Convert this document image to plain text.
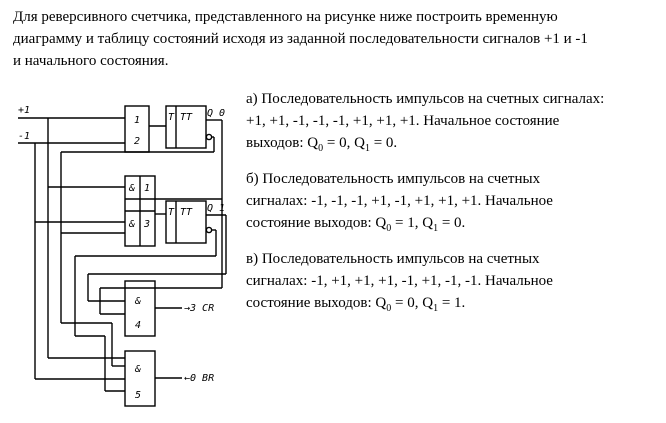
Для реверсивного счетчика, представленного на рисунке ниже построить временную
диаграмму и таблицу состояний исходя из заданной последовательности сигналов +1 и -1
и начального состояния.
+1
-1
1
2
T TT Q 0
& 1
& 3
T TT Q 1
&
4
→3 CR
&
5
←0 BR
а) Последовательность импульсов на счетных сигналах:
+1, +1, -1, -1, -1, +1, +1, +1. Начальное состояние
выходов: $Q_0 = 0$, $Q_1 = 0$.
б) Последовательность импульсов на счетных
сигналах: -1, -1, -1, +1, -1, +1, +1, +1. Начальное
состояние выходов: $Q_0 = 1$, $Q_1 = 0$.
в) Последовательность импульсов на счетных
сигналах: -1, +1, +1, +1, -1, +1, -1, -1. Начальное
состояние выходов: $Q_0 = 0$, $Q_1 = 1$.
